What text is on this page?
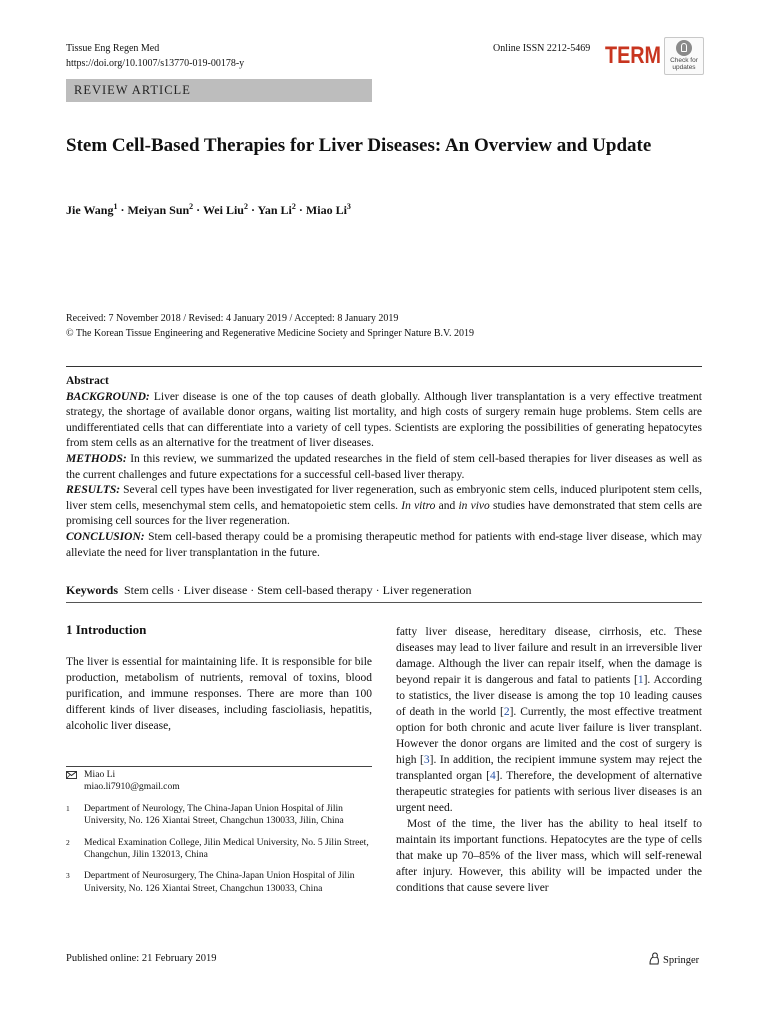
Tissue Eng Regen Med
https://doi.org/10.1007/s13770-019-00178-y
Online ISSN 2212-5469 TERM	Check for
updates
REVIEW ARTICLE
Stem Cell-Based Therapies for Liver Diseases: An Overview and Update
Jie Wang$^1$ · Meiyan Sun$^2$ · Wei Liu$^2$ · Yan $Li^2$ · Miao Li$^3$
Received: 7 November 2018 / Revised: 4 January 2019 / Accepted: 8 January 2019
© The Korean Tissue Engineering and Regenerative Medicine Society and Springer Nature B.V. 2019
Abstract
BACKGROUND: Liver disease is one of the top causes of death globally. Although liver transplantation is a very effective treatment strategy, the shortage of available donor organs, waiting list mortality, and high costs of surgery remain huge problems. Stem cells are undifferentiated cells that can differentiate into a variety of cell types. Scientists are exploring the possibilities of generating hepatocytes from stem cells as an alternative for the treatment of liver diseases.
METHODS: In this review, we summarized the updated researches in the field of stem cell-based therapies for liver diseases as well as the current challenges and future expectations for a successful cell-based liver therapy.
RESULTS: Several cell types have been investigated for liver regeneration, such as embryonic stem cells, induced pluripotent stem cells, liver stem cells, mesenchymal stem cells, and hematopoietic stem cells. In vitro and in vivo studies have demonstrated that stem cells are promising cell sources for the liver regeneration.
CONCLUSION: Stem cell-based therapy could be a promising therapeutic method for patients with end-stage liver disease, which may alleviate the need for liver transplantation in the future.
Keywords Stem cells · Liver disease · Stem cell-based therapy · Liver regeneration
1 Introduction
The liver is essential for maintaining life. It is responsible for bile production, metabolism of nutrients, removal of toxins, blood purification, and immune responses. There are more than 100 different kinds of liver diseases, including fascioliasis, hepatitis, alcoholic liver disease,

fatty liver disease, hereditary disease, cirrhosis, etc. These diseases may lead to liver failure and result in an irreversible liver damage. Although the liver can repair itself, when the damage is beyond repair it is dangerous and fatal to patients [1]. According to statistics, the liver disease is among the top 10 leading causes of death in the world [2]. Currently, the most effective treatment option for both chronic and acute liver failure is liver transplant. However the donor organs are limited and the cost of surgery is high [3]. In addition, the recipient immune system may reject the transplanted organ [4]. Therefore, the development of alternative therapeutic strategies for patients with serious liver diseases is an urgent need.

Most of the time, the liver has the ability to heal itself to maintain its important functions. Hepatocytes are the type of cells that make up 70–85% of the liver mass, which will self-renewal after injury. However, this ability will be impacted under the conditions that cause severe liver

Miao Li
miao.li7910@gmail.com
1 Department of Neurology, The China-Japan Union Hospital of Jilin University, No. 126 Xiantai Street, Changchun 130033, Jilin, China
2 Medical Examination College, Jilin Medical University, No. 5 Jilin Street, Changchun, Jilin 132013, China
3 Department of Neurosurgery, The China-Japan Union Hospital of Jilin University, No. 126 Xiantai Street, Changchun 130033, China
Published online: 21 February 2019	Springer
